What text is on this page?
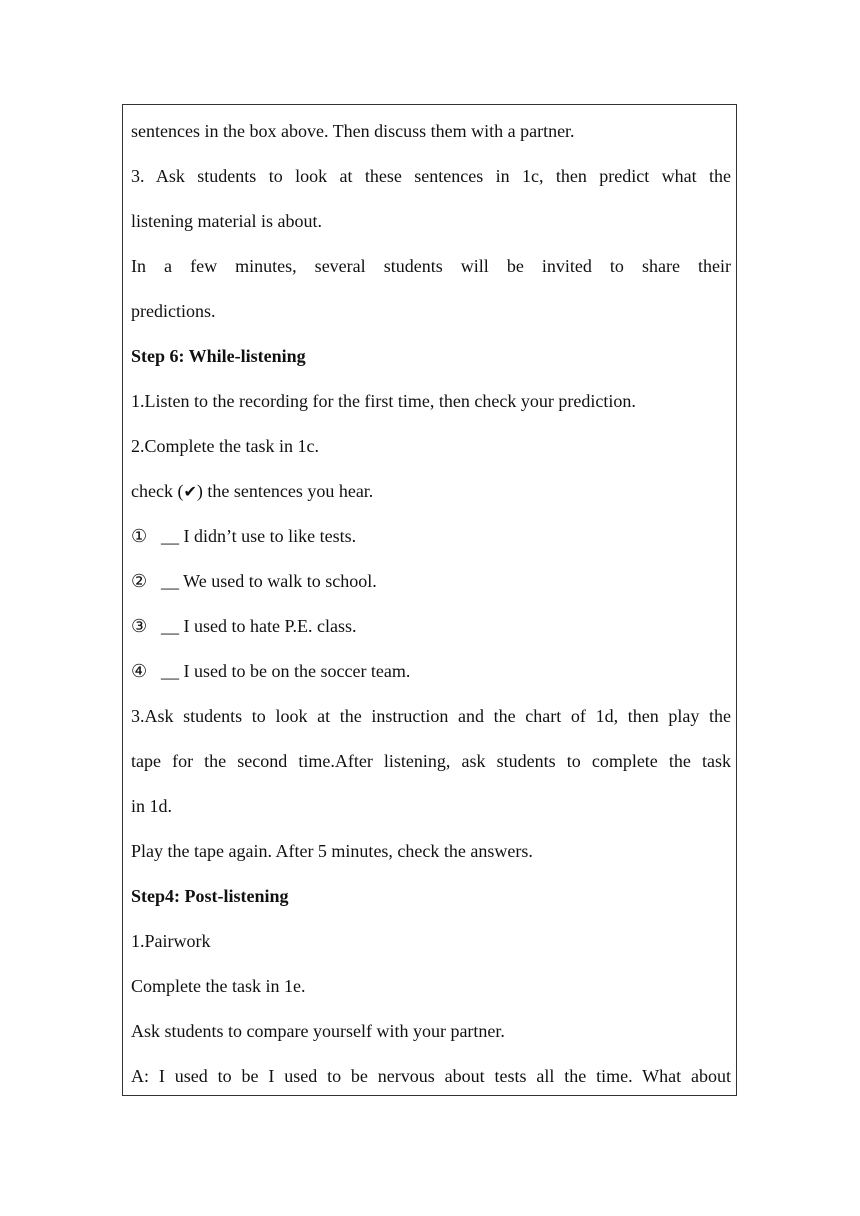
sentences in the box above. Then discuss them with a partner.
3. Ask students to look at these sentences in 1c, then predict what the
listening material is about.
In a few minutes, several students will be invited to share their
predictions.
Step 6: While-listening
1.Listen to the recording for the first time, then check your prediction.
2.Complete the task in 1c.
check (✔) the sentences you hear.
① __ I didn’t use to like tests.
② __ We used to walk to school.
③ __ I used to hate P.E. class.
④ __ I used to be on the soccer team.
3.Ask students to look at the instruction and the chart of 1d, then play the
tape for the second time.After listening, ask students to complete the task
in 1d.
Play the tape again. After 5 minutes, check the answers.
Step4: Post-listening
1.Pairwork
Complete the task in 1e.
Ask students to compare yourself with your partner.
A: I used to be I used to be nervous about tests all the time. What about
